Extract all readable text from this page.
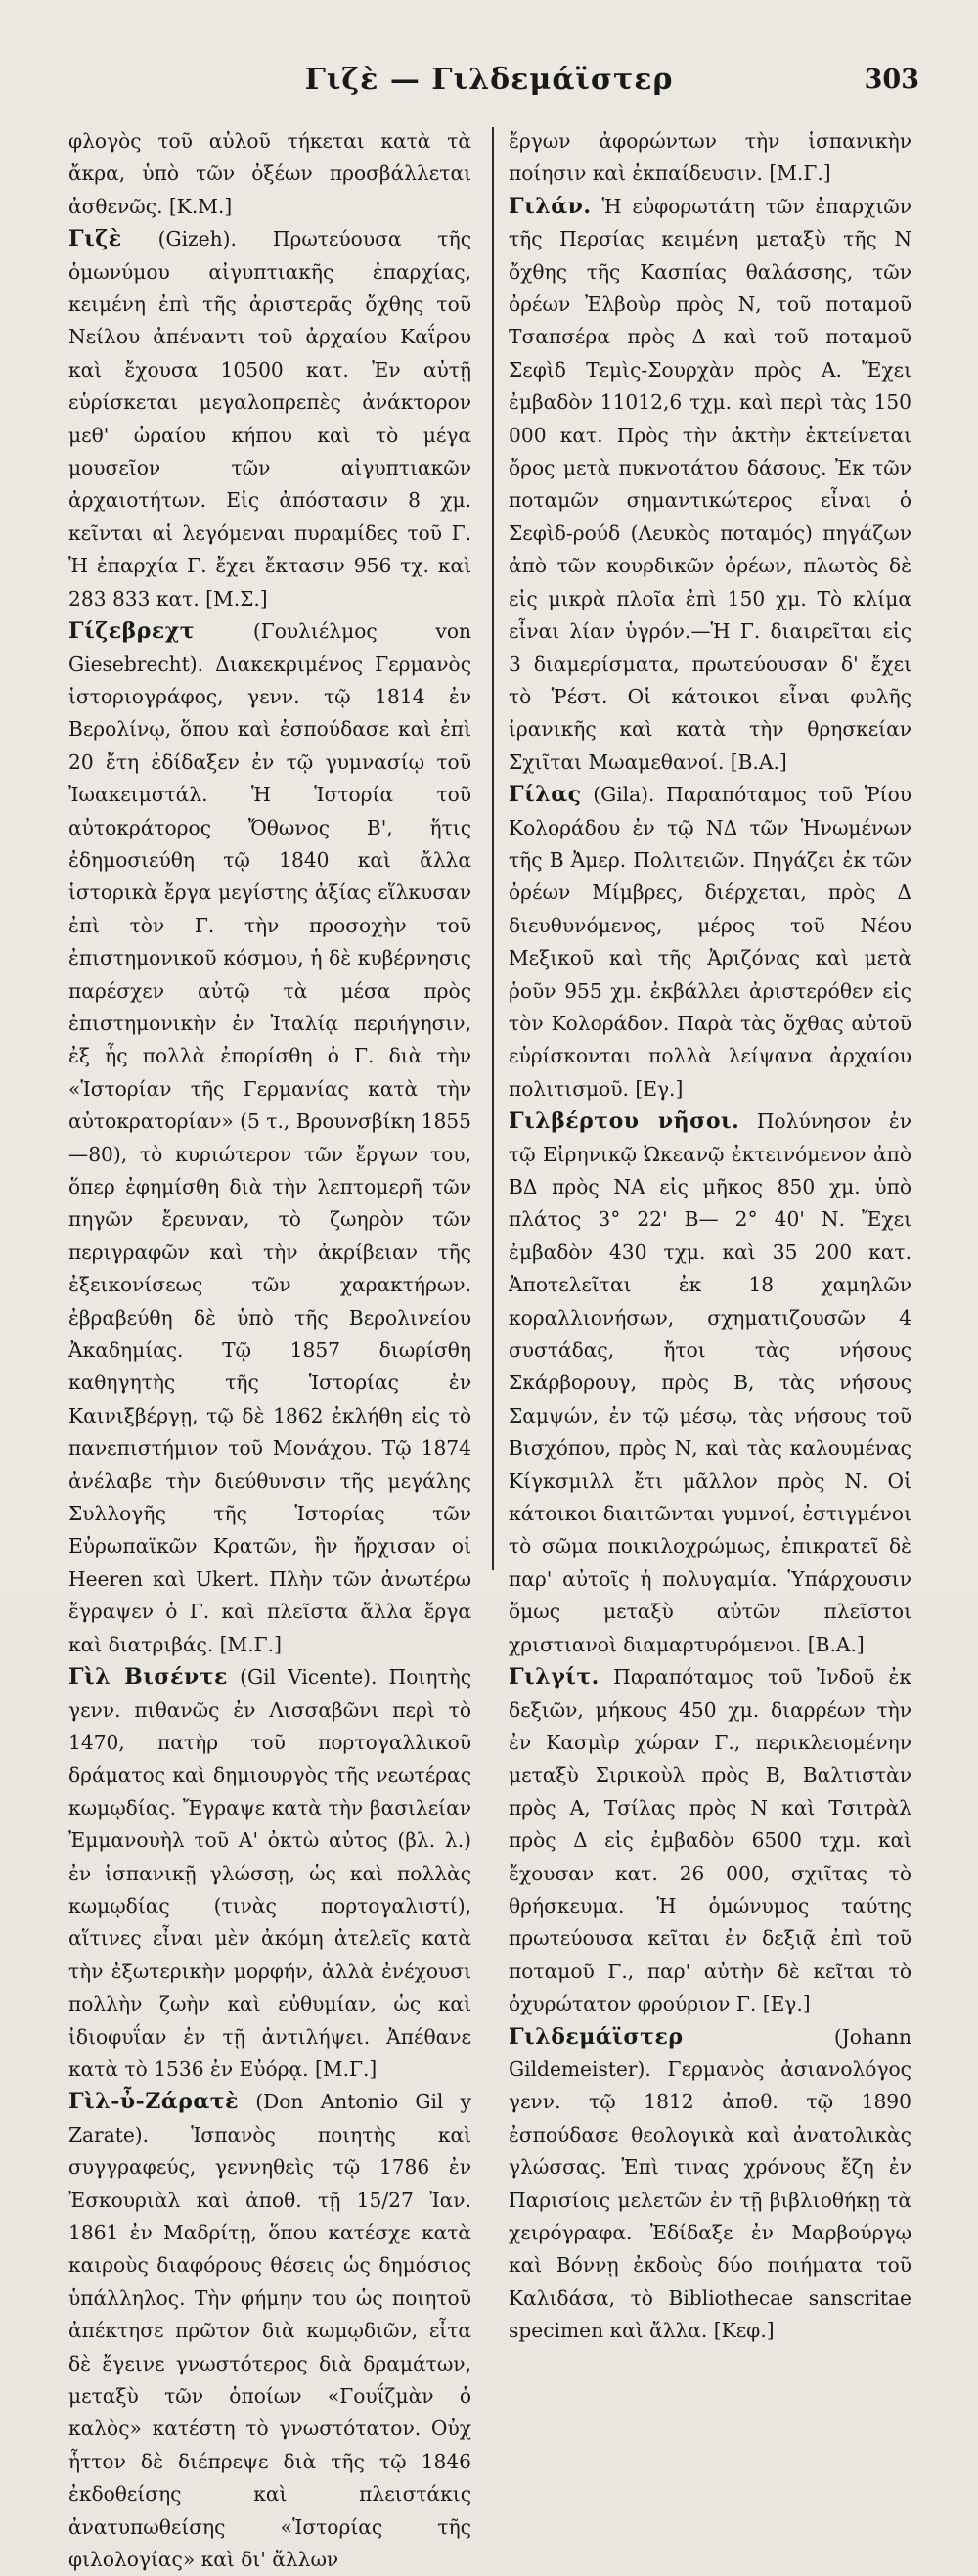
Γιζὲ — Γιλδεμάϊστερ	303

φλογὸς τοῦ αὐλοῦ τήκεται κατὰ τὰ ἄκρα, ὑπὸ τῶν ὀξέων προσβάλλεται ἀσθενῶς. [Κ.Μ.]

Γιζὲ (Gizeh). Πρωτεύουσα τῆς ὁμωνύμου αἰγυπτιακῆς ἐπαρχίας, κειμένη ἐπὶ τῆς ἀριστερᾶς ὄχθης τοῦ Νείλου ἀπέναντι τοῦ ἀρχαίου Καΐρου καὶ ἔχουσα 10500 κατ. Ἐν αὐτῇ εὑρίσκεται μεγαλοπρεπὲς ἀνάκτορον μεθ' ὡραίου κήπου καὶ τὸ μέγα μουσεῖον τῶν αἰγυπτιακῶν ἀρχαιοτήτων. Εἰς ἀπόστασιν 8 χμ. κεῖνται αἱ λεγόμεναι πυραμίδες τοῦ Γ. Ἡ ἐπαρχία Γ. ἔχει ἔκτασιν 956 τχ. καὶ 283 833 κατ. [Μ.Σ.]

Γίζεβρεχτ	(Γουλιέλμος von Giesebrecht). Διακεκριμένος Γερμανὸς ἱστοριογράφος, γενν. τῷ 1814 ἐν Βερολίνῳ, ὅπου καὶ ἐσπούδασε καὶ ἐπὶ 20 ἔτη ἐδίδαξεν ἐν τῷ γυμνασίῳ τοῦ Ἰωακειμστάλ. Ἡ Ἱστορία τοῦ αὐτοκράτορος Ὄθωνος Β', ἥτις ἐδημοσιεύθη τῷ 1840 καὶ ἄλλα ἱστορικὰ ἔργα μεγίστης ἀξίας εἵλκυσαν ἐπὶ τὸν Γ. τὴν προσοχὴν τοῦ ἐπιστημονικοῦ κόσμου, ἡ δὲ κυβέρνησις παρέσχεν αὐτῷ τὰ μέσα πρὸς ἐπιστημονικὴν ἐν Ἰταλίᾳ περιήγησιν, ἐξ ἧς πολλὰ ἐπορίσθη ὁ Γ. διὰ τὴν «Ἱστορίαν τῆς Γερμανίας κατὰ τὴν αὐτοκρατορίαν» (5 τ., Βρουνσβίκη 1855—80), τὸ κυριώτερον τῶν ἔργων του, ὅπερ ἐφημίσθη διὰ τὴν λεπτομερῆ τῶν πηγῶν ἔρευναν, τὸ ζωηρὸν τῶν περιγραφῶν καὶ τὴν ἀκρίβειαν τῆς ἐξεικονίσεως τῶν χαρακτήρων. ἐβραβεύθη δὲ ὑπὸ τῆς Βερολινείου Ἀκαδημίας. Τῷ 1857 διωρίσθη καθηγητὴς τῆς Ἱστορίας ἐν Καινιξβέργῃ, τῷ δὲ 1862 ἐκλήθη εἰς τὸ πανεπιστήμιον τοῦ Μονάχου. Τῷ 1874 ἀνέλαβε τὴν διεύθυνσιν τῆς μεγάλης Συλλογῆς τῆς Ἱστορίας τῶν Εὐρωπαϊκῶν Κρατῶν, ἣν ἤρχισαν οἱ Heeren καὶ Ukert. Πλὴν τῶν ἀνωτέρω ἔγραψεν ὁ Γ. καὶ πλεῖστα ἄλλα ἔργα καὶ διατριβάς. [Μ.Γ.]

Γὶλ Βισέντε (Gil Vicente). Ποιητὴς γενν. πιθανῶς ἐν Λισσαβῶνι περὶ τὸ 1470, πατὴρ τοῦ πορτογαλλικοῦ δράματος καὶ δημιουργὸς τῆς νεωτέρας κωμῳδίας. Ἔγραψε κατὰ τὴν βασιλείαν Ἐμμανουὴλ τοῦ Α' ὀκτὼ αὐτος (βλ. λ.) ἐν ἱσπανικῇ γλώσσῃ, ὡς καὶ πολλὰς κωμῳδίας (τινὰς πορτογαλιστί), αἵτινες εἶναι μὲν ἀκόμη ἀτελεῖς κατὰ τὴν ἐξωτερικὴν μορφήν, ἀλλὰ ἐνέχουσι πολλὴν ζωὴν καὶ εὐθυμίαν, ὡς καὶ ἰδιοφυΐαν ἐν τῇ ἀντιλήψει. Ἀπέθανε κατὰ τὸ 1536 ἐν Εὐόρᾳ. [Μ.Γ.]

Γὶλ-ὖ-Ζάρατὲ (Don Antonio Gil y Zarate). Ἱσπανὸς ποιητὴς καὶ συγγραφεύς, γεννηθεὶς τῷ 1786 ἐν Ἐσκουριὰλ καὶ ἀποθ. τῇ 15/27 Ἰαν. 1861 ἐν Μαδρίτῃ, ὅπου κατέσχε κατὰ καιροὺς διαφόρους θέσεις ὡς δημόσιος ὑπάλληλος. Τὴν φήμην του ὡς ποιητοῦ ἀπέκτησε πρῶτον διὰ κωμῳδιῶν, εἶτα δὲ ἔγεινε γνωστότερος διὰ δραμάτων, μεταξὺ τῶν ὁποίων «Γουΐζμὰν ὁ καλὸς» κατέστη τὸ γνωστότατον. Οὐχ ἧττον δὲ διέπρεψε διὰ τῆς τῷ 1846 ἐκδοθείσης καὶ πλειστάκις ἀνατυπωθείσης «Ἱστορίας τῆς φιλολογίας» καὶ δι' ἄλλων

ἔργων ἀφορώντων τὴν ἱσπανικὴν ποίησιν καὶ ἐκπαίδευσιν. [Μ.Γ.]

Γιλάν. Ἡ εὐφορωτάτη τῶν ἐπαρχιῶν τῆς Περσίας κειμένη μεταξὺ τῆς Ν ὄχθης τῆς Κασπίας θαλάσσης, τῶν ὀρέων Ἐλβοὺρ πρὸς Ν, τοῦ ποταμοῦ Τσαπσέρα πρὸς Δ καὶ τοῦ ποταμοῦ Σεφὶδ Τεμὶς-Σουρχὰν πρὸς Α. Ἔχει ἐμβαδὸν 11012,6 τχμ. καὶ περὶ τὰς 150 000 κατ. Πρὸς τὴν ἀκτὴν ἐκτείνεται ὄρος μετὰ πυκνοτάτου δάσους. Ἐκ τῶν ποταμῶν σημαντικώτερος εἶναι ὁ Σεφὶδ-ρούδ (Λευκὸς ποταμός) πηγάζων ἀπὸ τῶν κουρδικῶν ὀρέων, πλωτὸς δὲ εἰς μικρὰ πλοῖα ἐπὶ 150 χμ. Τὸ κλίμα εἶναι λίαν ὑγρόν.—Ἡ Γ. διαιρεῖται εἰς 3 διαμερίσματα, πρωτεύουσαν δ' ἔχει τὸ Ῥέστ. Οἱ κάτοικοι εἶναι φυλῆς ἰρανικῆς καὶ κατὰ τὴν θρησκείαν Σχιῖται Μωαμεθανοί. [Β.Α.]

Γίλας (Gila). Παραπόταμος τοῦ Ῥίου Κολοράδου ἐν τῷ ΝΔ τῶν Ἡνωμένων τῆς Β Ἀμερ. Πολιτειῶν. Πηγάζει ἐκ τῶν ὀρέων Μίμβρες, διέρχεται, πρὸς Δ διευθυνόμενος, μέρος τοῦ Νέου Μεξικοῦ καὶ τῆς Ἀριζόνας καὶ μετὰ ῥοῦν 955 χμ. ἐκβάλλει ἀριστερόθεν εἰς τὸν Κολοράδον. Παρὰ τὰς ὄχθας αὐτοῦ εὑρίσκονται πολλὰ λείψανα ἀρχαίου πολιτισμοῦ. [Εγ.]

Γιλβέρτου νῆσοι. Πολύνησον ἐν τῷ Εἰρηνικῷ Ὠκεανῷ ἐκτεινόμενον ἀπὸ ΒΔ πρὸς ΝΑ εἰς μῆκος 850 χμ. ὑπὸ πλάτος 3° 22' Β— 2° 40' Ν. Ἔχει ἐμβαδὸν 430 τχμ. καὶ 35 200 κατ. Ἀποτελεῖται ἐκ 18 χαμηλῶν κοραλλιονήσων, σχηματιζουσῶν 4 συστάδας, ἤτοι τὰς νήσους Σκάρβορουγ, πρὸς Β, τὰς νήσους Σαμψών, ἐν τῷ μέσῳ, τὰς νήσους τοῦ Βισχόπου, πρὸς Ν, καὶ τὰς καλουμένας Κίγκσμιλλ ἔτι μᾶλλον πρὸς Ν. Οἱ κάτοικοι διαιτῶνται γυμνοί, ἐστιγμένοι τὸ σῶμα ποικιλοχρώμως, ἐπικρατεῖ δὲ παρ' αὐτοῖς ἡ πολυγαμία. Ὑπάρχουσιν ὅμως μεταξὺ αὐτῶν πλεῖστοι χριστιανοὶ διαμαρτυρόμενοι. [Β.Α.]

Γιλγίτ. Παραπόταμος τοῦ Ἰνδοῦ ἐκ δεξιῶν, μήκους 450 χμ. διαρρέων τὴν ἐν Κασμὶρ χώραν Γ., περικλειομένην μεταξὺ Σιρικοὺλ πρὸς Β, Βαλτιστὰν πρὸς Α, Τσίλας πρὸς Ν καὶ Τσιτρὰλ πρὸς Δ εἰς ἐμβαδὸν 6500 τχμ. καὶ ἔχουσαν κατ. 26 000, σχιῖτας τὸ θρήσκευμα. Ἡ ὁμώνυμος ταύτης πρωτεύουσα κεῖται ἐν δεξιᾷ ἐπὶ τοῦ ποταμοῦ Γ., παρ' αὐτὴν δὲ κεῖται τὸ ὀχυρώτατον φρούριον Γ. [Εγ.]

Γιλδεμάϊστερ	(Johann Gildemeister). Γερμανὸς ἀσιανολόγος γενν. τῷ 1812 ἀποθ. τῷ 1890 ἐσπούδασε θεολογικὰ καὶ ἀνατολικὰς γλώσσας. Ἐπὶ τινας χρόνους ἔζη ἐν Παρισίοις μελετῶν ἐν τῇ βιβλιοθήκῃ τὰ χειρόγραφα. Ἐδίδαξε ἐν Μαρβούργῳ καὶ Βόννῃ ἐκδοὺς δύο ποιήματα τοῦ Καλιδάσα, τὸ Bibliothecae sanscritae specimen καὶ ἄλλα. [Κεφ.]
